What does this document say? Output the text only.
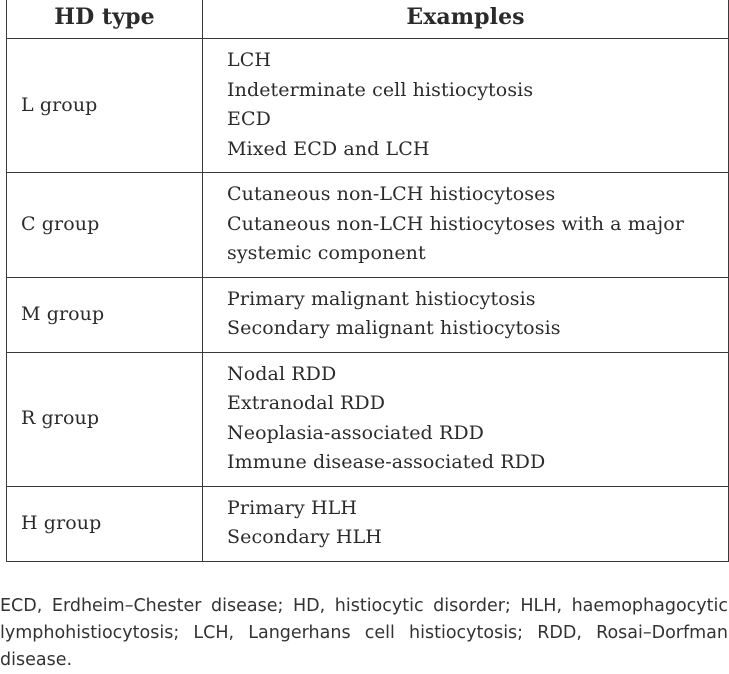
HD type	Examples
L group	LCH
Indeterminate cell histiocytosis
ECD
Mixed ECD and LCH

C group	Cutaneous non-LCH histiocytoses
Cutaneous non-LCH histiocytoses with a major
systemic component

M group	Primary malignant histiocytosis
Secondary malignant histiocytosis

R group	Nodal RDD
Extranodal RDD
Neoplasia-associated RDD
Immune disease-associated RDD

H group	Primary HLH
Secondary HLH

ECD, Erdheim–Chester disease; HD, histiocytic disorder; HLH, haemophagocytic lymphohistiocytosis; LCH, Langerhans cell histiocytosis; RDD, Rosai–Dorfman disease.
